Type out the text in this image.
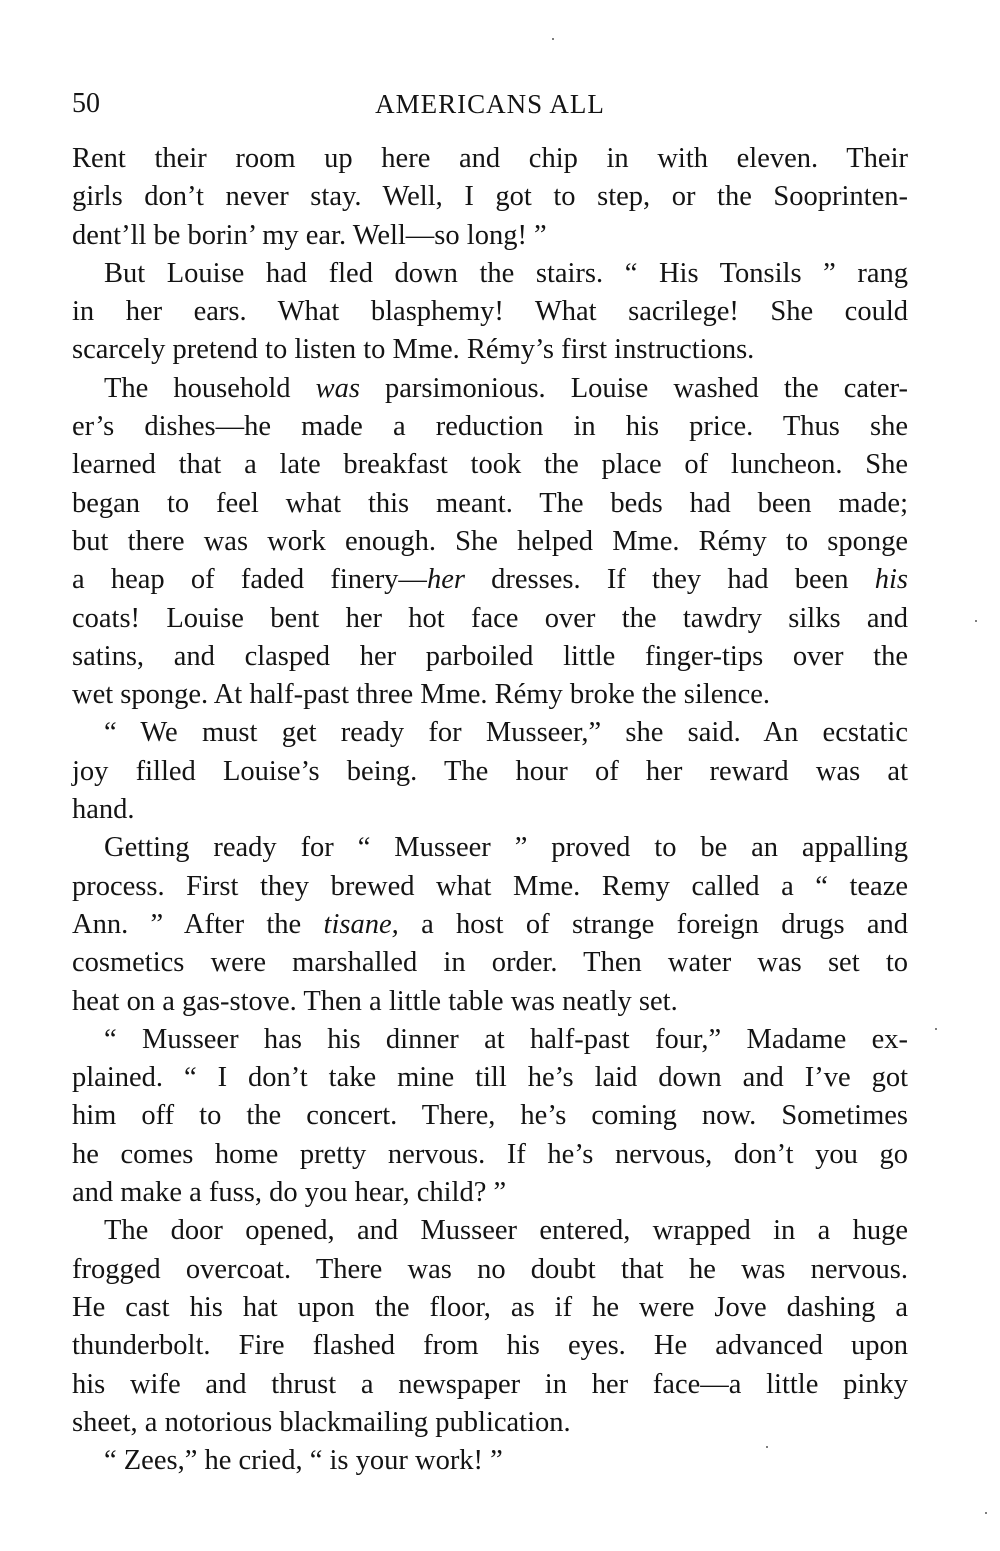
50	AMERICANS ALL
Rent their room up here and chip in with eleven. Their
girls don’t never stay. Well, I got to step, or the Sooprinten-
dent’ll be borin’ my ear. Well—so long! ”
But Louise had fled down the stairs. “ His Tonsils ” rang
in her ears. What blasphemy! What sacrilege! She could
scarcely pretend to listen to Mme. Rémy’s first instructions.
The household was parsimonious. Louise washed the cater-
er’s dishes—he made a reduction in his price. Thus she
learned that a late breakfast took the place of luncheon. She
began to feel what this meant. The beds had been made;
but there was work enough. She helped Mme. Rémy to sponge
a heap of faded finery—her dresses. If they had been his
coats! Louise bent her hot face over the tawdry silks and
satins, and clasped her parboiled little finger-tips over the
wet sponge. At half-past three Mme. Rémy broke the silence.
“ We must get ready for Musseer,” she said. An ecstatic
joy filled Louise’s being. The hour of her reward was at
hand.
Getting ready for “ Musseer ” proved to be an appalling
process. First they brewed what Mme. Remy called a “ teaze
Ann. ” After the tisane, a host of strange foreign drugs and
cosmetics were marshalled in order. Then water was set to
heat on a gas-stove. Then a little table was neatly set.
“ Musseer has his dinner at half-past four,” Madame ex-
plained. “ I don’t take mine till he’s laid down and I’ve got
him off to the concert. There, he’s coming now. Sometimes
he comes home pretty nervous. If he’s nervous, don’t you go
and make a fuss, do you hear, child? ”
The door opened, and Musseer entered, wrapped in a huge
frogged overcoat. There was no doubt that he was nervous.
He cast his hat upon the floor, as if he were Jove dashing a
thunderbolt. Fire flashed from his eyes. He advanced upon
his wife and thrust a newspaper in her face—a little pinky
sheet, a notorious blackmailing publication.
“ Zees,” he cried, “ is your work! ”
